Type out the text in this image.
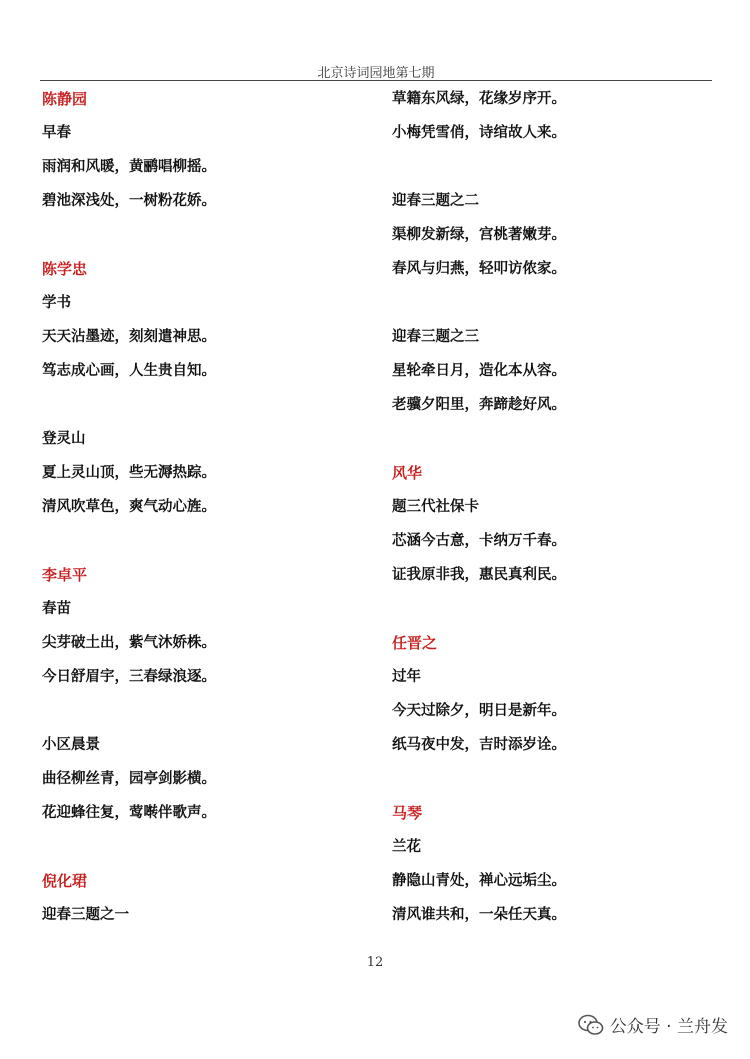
北京诗词园地第七期
陈静园
早春
雨润和风暖，黄鹂唱柳摇。
碧池深浅处，一树粉花娇。
陈学忠
学书
天天沾墨迹，刻刻遣神思。
笃志成心画，人生贵自知。
登灵山
夏上灵山顶，些无溽热踪。
清风吹草色，爽气动心旌。
李卓平
春苗
尖芽破土出，紫气沐娇株。
今日舒眉宇，三春绿浪逐。
小区晨景
曲径柳丝青，园亭剑影横。
花迎蜂往复，莺啭伴歌声。
倪化珺
迎春三题之一
草籍东风绿，花缘岁序开。
小梅凭雪俏，诗绾故人来。
迎春三题之二
渠柳发新绿，宫桃著嫩芽。
春风与归燕，轻叩访侬家。
迎春三题之三
星轮牵日月，造化本从容。
老骥夕阳里，奔蹄趁好风。
风华
题三代社保卡
芯涵今古意，卡纳万千春。
证我原非我，惠民真利民。
任晋之
过年
今天过除夕，明日是新年。
纸马夜中发，吉时添岁诠。
马琴
兰花
静隐山青处，禅心远垢尘。
清风谁共和，一朵任天真。
12
公众号 · 兰舟发
